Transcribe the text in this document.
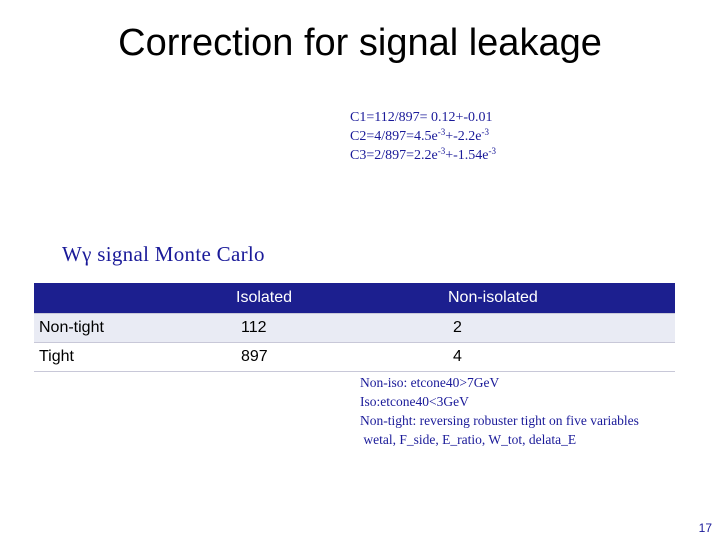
Correction for signal leakage
C1=112/897= 0.12+-0.01
$C2=4/897=4.5e^{-3}+-2.2e^{-3}$
$C3=2/897=2.2e^{-3}+-1.54e^{-3}$
Wγ signal Monte Carlo
	Isolated	Non-isolated
Non-tight	112	2
Tight	897	4
Non-iso: etcone40>7GeV
Iso:etcone40<3GeV
Non-tight: reversing robuster tight on five variables
wetal, F_side, E_ratio, W_tot, delata_E
17
